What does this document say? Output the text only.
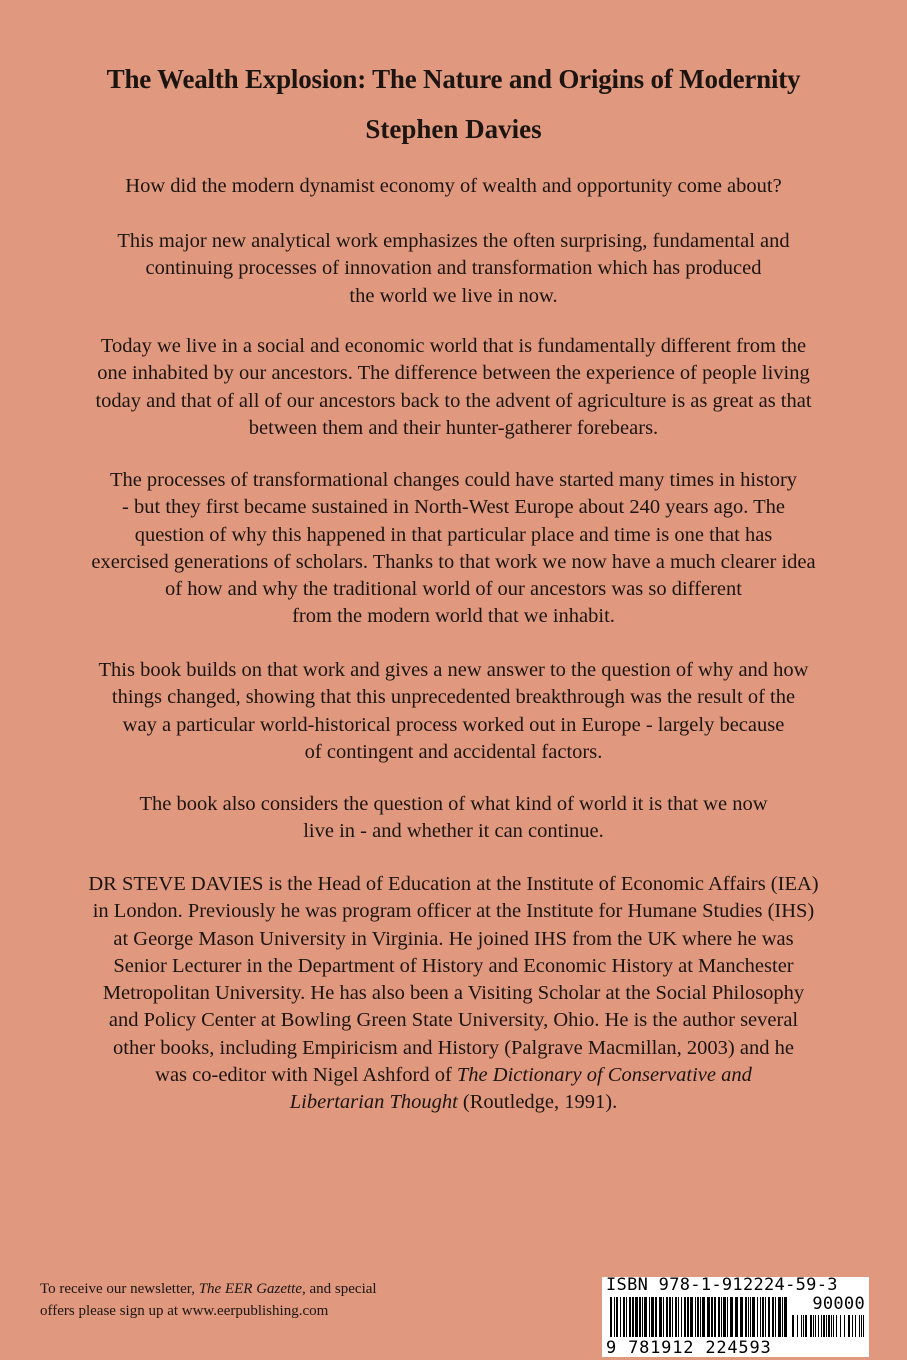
The Wealth Explosion: The Nature and Origins of Modernity
Stephen Davies

How did the modern dynamist economy of wealth and opportunity come about?

This major new analytical work emphasizes the often surprising, fundamental and
continuing processes of innovation and transformation which has produced
the world we live in now.

Today we live in a social and economic world that is fundamentally different from the
one inhabited by our ancestors. The difference between the experience of people living
today and that of all of our ancestors back to the advent of agriculture is as great as that
between them and their hunter-gatherer forebears.

The processes of transformational changes could have started many times in history
- but they first became sustained in North-West Europe about 240 years ago. The
question of why this happened in that particular place and time is one that has
exercised generations of scholars. Thanks to that work we now have a much clearer idea
of how and why the traditional world of our ancestors was so different
from the modern world that we inhabit.

This book builds on that work and gives a new answer to the question of why and how
things changed, showing that this unprecedented breakthrough was the result of the
way a particular world-historical process worked out in Europe - largely because
of contingent and accidental factors.

The book also considers the question of what kind of world it is that we now
live in - and whether it can continue.

DR STEVE DAVIES is the Head of Education at the Institute of Economic Affairs (IEA)
in London. Previously he was program officer at the Institute for Humane Studies (IHS)
at George Mason University in Virginia. He joined IHS from the UK where he was
Senior Lecturer in the Department of History and Economic History at Manchester
Metropolitan University. He has also been a Visiting Scholar at the Social Philosophy
and Policy Center at Bowling Green State University, Ohio. He is the author several
other books, including Empiricism and History (Palgrave Macmillan, 2003) and he
was co-editor with Nigel Ashford of The Dictionary of Conservative and
Libertarian Thought (Routledge, 1991).

To receive our newsletter, The EER Gazette, and special
offers please sign up at www.eerpublishing.com
ISBN 978-1-912224-59-3
90000
9 781912 224593
